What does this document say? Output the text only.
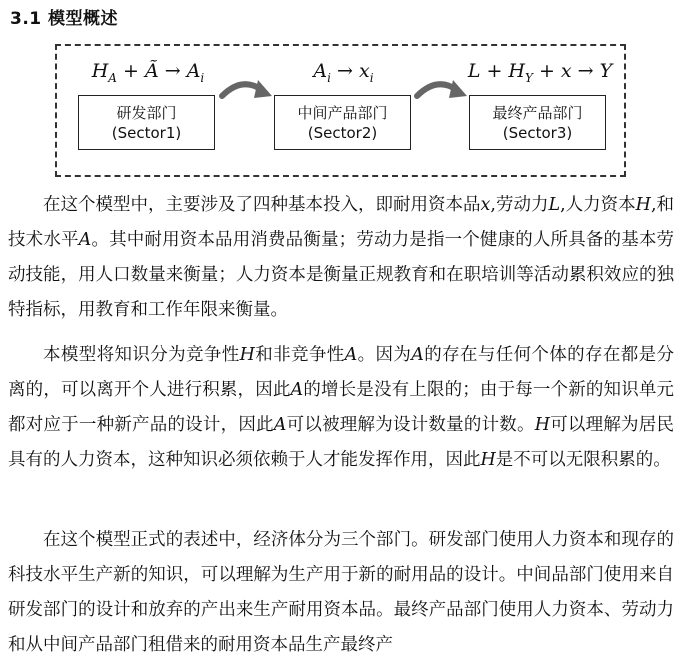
3.1 模型概述
$H_A$ + Ã → $A_i$	$A_i \to x_i$	$L + H_Y + x \to Y$
研发部门
(Sector1)
中间产品部门
(Sector2)
最终产品部门
(Sector3)

在这个模型中，主要涉及了四种基本投入，即耐用资本品x,劳动力L,人力资本H,和技术水平A。其中耐用资本品用消费品衡量；劳动力是指一个健康的人所具备的基本劳动技能，用人口数量来衡量；人力资本是衡量正规教育和在职培训等活动累积效应的独特指标，用教育和工作年限来衡量。

本模型将知识分为竞争性H和非竞争性A。因为A的存在与任何个体的存在都是分离的，可以离开个人进行积累，因此A的增长是没有上限的；由于每一个新的知识单元都对应于一种新产品的设计，因此A可以被理解为设计数量的计数。H可以理解为居民具有的人力资本，这种知识必须依赖于人才能发挥作用，因此H是不可以无限积累的。

在这个模型正式的表述中，经济体分为三个部门。研发部门使用人力资本和现存的科技水平生产新的知识，可以理解为生产用于新的耐用品的设计。中间品部门使用来自研发部门的设计和放弃的产出来生产耐用资本品。最终产品部门使用人力资本、劳动力和从中间产品部门租借来的耐用资本品生产最终产
